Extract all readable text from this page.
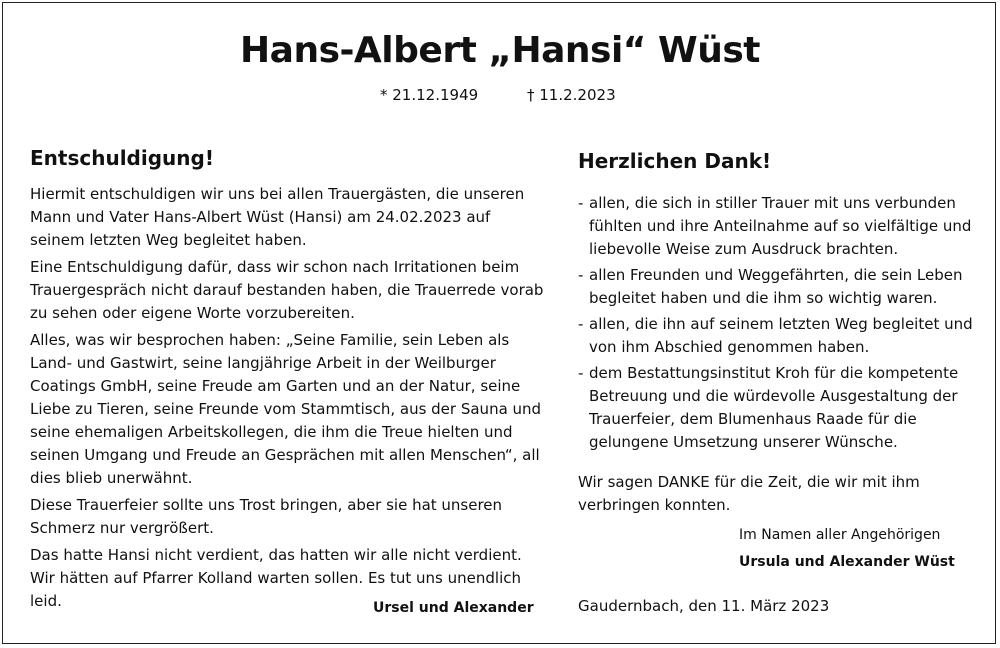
Hans-Albert „Hansi“ Wüst
* 21.12.1949	† 11.2.2023
Entschuldigung!

Hiermit entschuldigen wir uns bei allen Trauergästen, die unseren Mann und Vater Hans-Albert Wüst (Hansi) am 24.02.2023 auf seinem letzten Weg begleitet haben.

Eine Entschuldigung dafür, dass wir schon nach Irritationen beim Trauergespräch nicht darauf bestanden haben, die Trauerrede vorab zu sehen oder eigene Worte vorzubereiten.

Alles, was wir besprochen haben: „Seine Familie, sein Leben als Land- und Gastwirt, seine langjährige Arbeit in der Weilburger Coatings GmbH, seine Freude am Garten und an der Natur, seine Liebe zu Tieren, seine Freunde vom Stammtisch, aus der Sauna und seine ehemaligen Arbeitskollegen, die ihm die Treue hielten und seinen Umgang und Freude an Gesprächen mit allen Menschen“, all dies blieb unerwähnt.

Diese Trauerfeier sollte uns Trost bringen, aber sie hat unseren Schmerz nur vergrößert.

Das hatte Hansi nicht verdient, das hatten wir alle nicht verdient. Wir hätten auf Pfarrer Kolland warten sollen. Es tut uns unendlich leid.	Ursel und Alexander
Herzlichen Dank!
- allen, die sich in stiller Trauer mit uns verbunden fühlten und ihre Anteilnahme auf so vielfältige und liebevolle Weise zum Ausdruck brachten.
- allen Freunden und Weggefährten, die sein Leben begleitet haben und die ihm so wichtig waren.
- allen, die ihn auf seinem letzten Weg begleitet und von ihm Abschied genommen haben.
- dem Bestattungsinstitut Kroh für die kompetente Betreuung und die würdevolle Ausgestaltung der Trauerfeier, dem Blumenhaus Raade für die gelungene Umsetzung unserer Wünsche.

Wir sagen DANKE für die Zeit, die wir mit ihm verbringen konnten.

Im Namen aller Angehörigen
Ursula und Alexander Wüst
Gaudernbach, den 11. März 2023
